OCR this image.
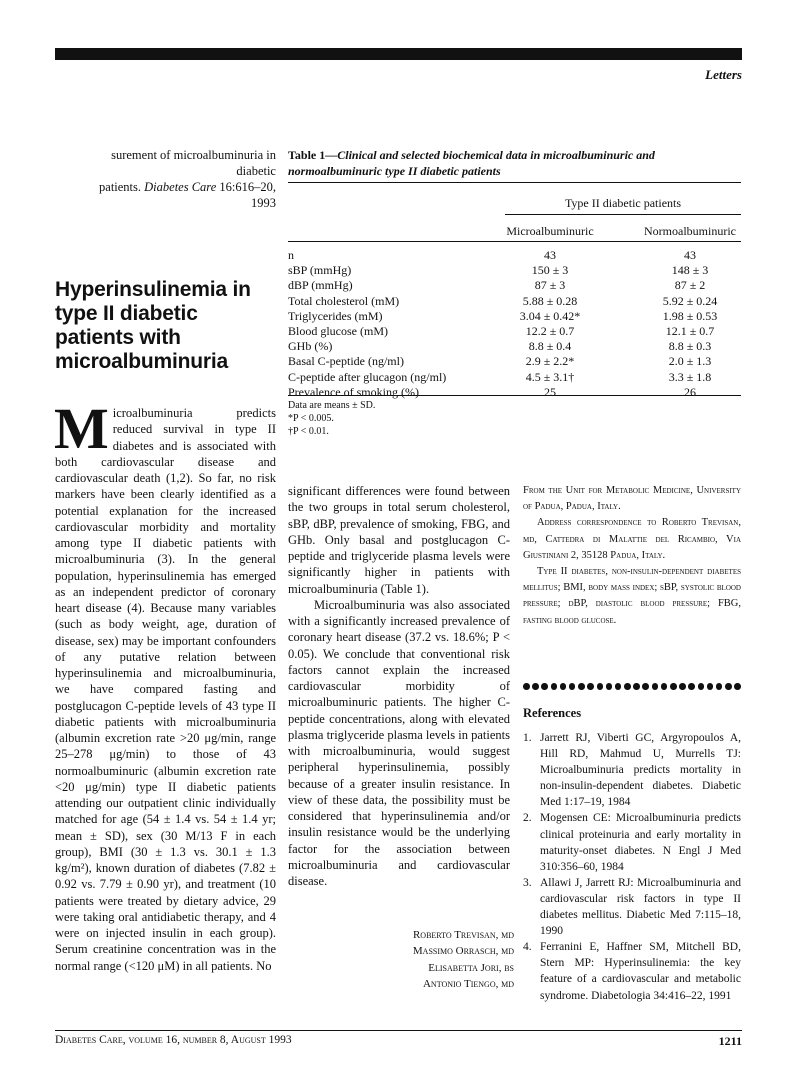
Letters
surement of microalbuminuria in diabetic
patients. Diabetes Care 16:616–20, 1993
Hyperinsulinemia in
type II diabetic
patients with
microalbuminuria
M icroalbuminuria predicts reduced survival in type II diabetes and is associated with both cardiovascular disease and cardiovascular death (1,2). So far, no risk markers have been clearly identified as a potential explanation for the increased cardiovascular morbidity and mortality among type II diabetic patients with microalbuminuria (3). In the general population, hyperinsulinemia has emerged as an independent predictor of coronary heart disease (4). Because many variables (such as body weight, age, duration of disease, sex) may be important confounders of any putative relation between hyperinsulinemia and microalbuminuria, we have compared fasting and postglucagon C-peptide levels of 43 type II diabetic patients with microalbuminuria (albumin excretion rate >20 μg/min, range 25–278 μg/min) to those of 43 normoalbuminuric (albumin excretion rate <20 μg/min) type II diabetic patients attending our outpatient clinic individually matched for age (54 ± 1.4 vs. 54 ± 1.4 yr; mean ± SD), sex (30 M/13 F in each group), BMI (30 ± 1.3 vs. 30.1 ± 1.3 kg/m²), known duration of diabetes (7.82 ± 0.92 vs. 7.79 ± 0.90 yr), and treatment (10 patients were treated by dietary advice, 29 were taking oral antidiabetic therapy, and 4 were on injected insulin in each group). Serum creatinine concentration was in the normal range (<120 μM) in all patients. No

Table 1—Clinical and selected biochemical data in microalbuminuric and normoalbuminuric type II diabetic patients
Type II diabetic patients
Microalbuminuric	Normoalbuminuric
n	43	43
sBP (mmHg)	150 ± 3	148 ± 3
dBP (mmHg)	87 ± 3	87 ± 2
Total cholesterol (mM)	5.88 ± 0.28	5.92 ± 0.24
Triglycerides (mM)	3.04 ± 0.42*	1.98 ± 0.53
Blood glucose (mM)	12.2 ± 0.7	12.1 ± 0.7
GHb (%)	8.8 ± 0.4	8.8 ± 0.3
Basal C-peptide (ng/ml)	2.9 ± 2.2*	2.0 ± 1.3
C-peptide after glucagon (ng/ml)	4.5 ± 3.1†	3.3 ± 1.8
Prevalence of smoking (%)	25	26
Data are means ± SD.
*P < 0.005.
†P < 0.01.

significant differences were found between the two groups in total serum cholesterol, sBP, dBP, prevalence of smoking, FBG, and GHb. Only basal and postglucagon C-peptide and triglyceride plasma levels were significantly higher in patients with microalbuminuria (Table 1).

Microalbuminuria was also associated with a significantly increased prevalence of coronary heart disease (37.2 vs. 18.6%; P < 0.05). We conclude that conventional risk factors cannot explain the increased cardiovascular morbidity of microalbuminuric patients. The higher C-peptide concentrations, along with elevated plasma triglyceride plasma levels in patients with microalbuminuria, would suggest peripheral hyperinsulinemia, possibly because of a greater insulin resistance. In view of these data, the possibility must be considered that hyperinsulinemia and/or insulin resistance would be the underlying factor for the association between microalbuminuria and cardiovascular disease.

Roberto Trevisan, md
Massimo Orrasch, md
Elisabetta Jori, bs
Antonio Tiengo, md

From the Unit for Metabolic Medicine, University of Padua, Padua, Italy.

Address correspondence to Roberto Trevisan, md, Cattedra di Malattie del Ricambio, Via Giustiniani 2, 35128 Padua, Italy.

Type II diabetes, non-insulin-dependent diabetes mellitus; BMI, body mass index; sBP, systolic blood pressure; dBP, diastolic blood pressure; FBG, fasting blood glucose.

References
1. Jarrett RJ, Viberti GC, Argyropoulos A, Hill RD, Mahmud U, Murrells TJ: Microalbuminuria predicts mortality in non-insulin-dependent diabetes. Diabetic Med 1:17–19, 1984
2. Mogensen CE: Microalbuminuria predicts clinical proteinuria and early mortality in maturity-onset diabetes. N Engl J Med 310:356–60, 1984
3. Allawi J, Jarrett RJ: Microalbuminuria and cardiovascular risk factors in type II diabetes mellitus. Diabetic Med 7:115–18, 1990
4. Ferranini E, Haffner SM, Mitchell BD, Stern MP: Hyperinsulinemia: the key feature of a cardiovascular and metabolic syndrome. Diabetologia 34:416–22, 1991
Diabetes Care, volume 16, number 8, August 1993	1211
